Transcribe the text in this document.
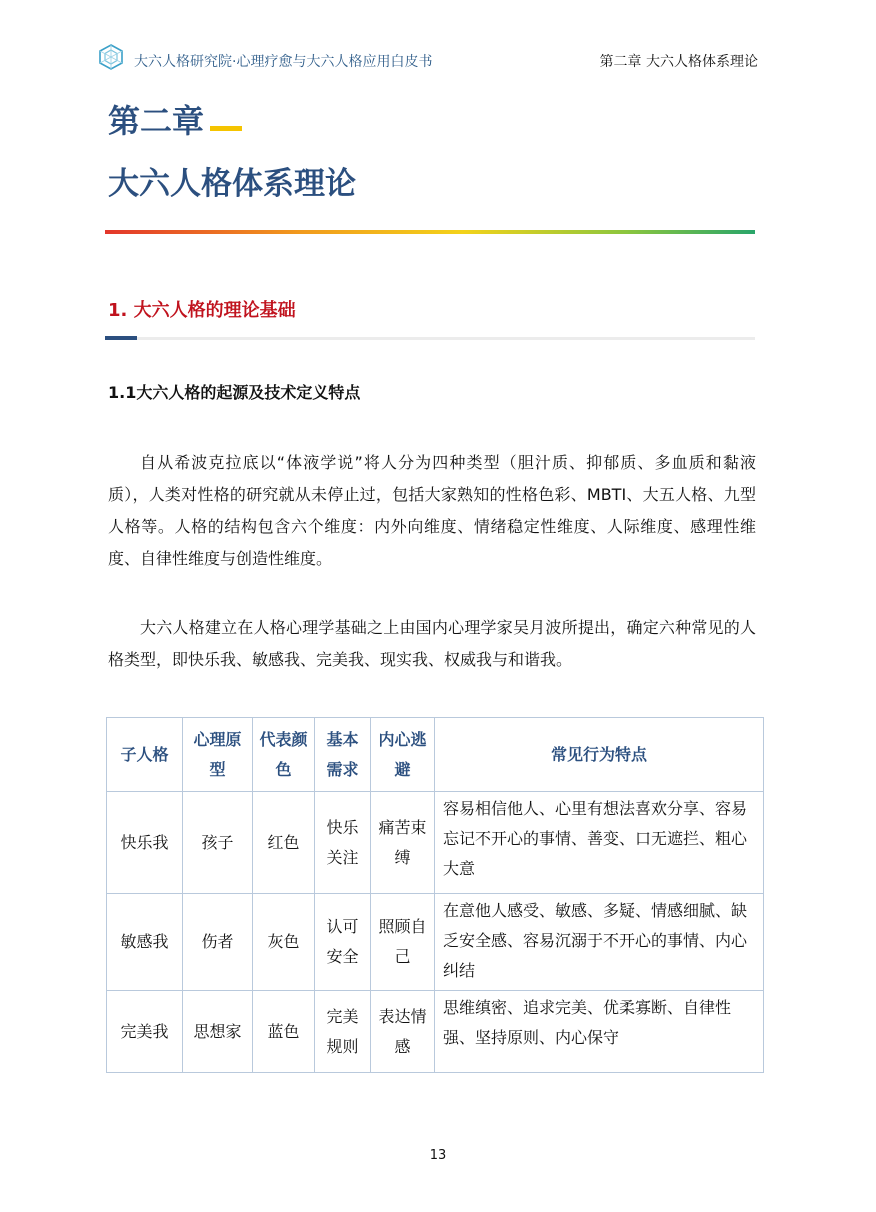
大六人格研究院·心理疗愈与大六人格应用白皮书	第二章 大六人格体系理论
第二章
大六人格体系理论
1. 大六人格的理论基础
1.1大六人格的起源及技术定义特点

自从希波克拉底以“体液学说”将人分为四种类型（胆汁质、抑郁质、多血质和黏液质），人类对性格的研究就从未停止过，包括大家熟知的性格色彩、MBTI、大五人格、九型人格等。人格的结构包含六个维度：内外向维度、情绪稳定性维度、人际维度、感理性维度、自律性维度与创造性维度。

大六人格建立在人格心理学基础之上由国内心理学家吴月波所提出，确定六种常见的人格类型，即快乐我、敏感我、完美我、现实我、权威我与和谐我。

子人格	心理原型	代表颜色	基本需求	内心逃避	常见行为特点
快乐我	孩子	红色	快乐关注	痛苦束缚	容易相信他人、心里有想法喜欢分享、容易忘记不开心的事情、善变、口无遮拦、粗心大意
敏感我	伤者	灰色	认可安全	照顾自己	在意他人感受、敏感、多疑、情感细腻、缺乏安全感、容易沉溺于不开心的事情、内心纠结
完美我	思想家	蓝色	完美规则	表达情感	思维缜密、追求完美、优柔寡断、自律性强、坚持原则、内心保守
13
